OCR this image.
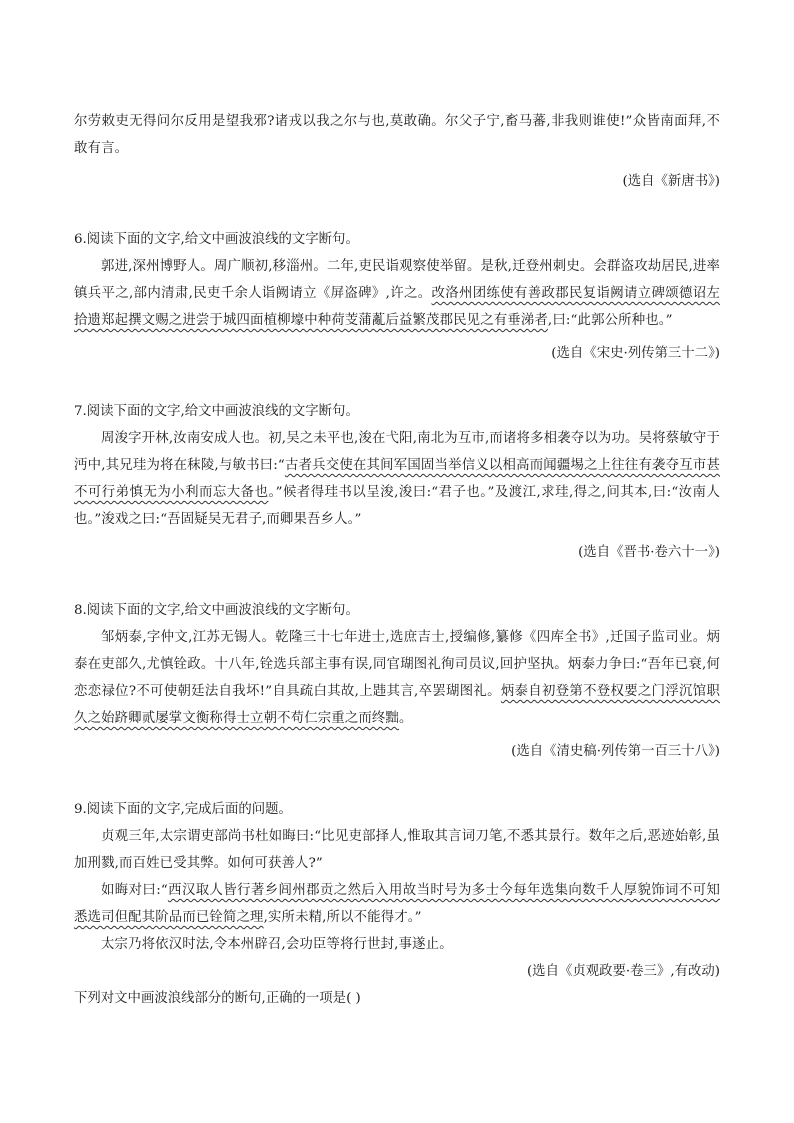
尔劳敕吏无得问尔反用是望我邪?诸戎以我之尔与也,莫敢确。尔父子宁,畜马蕃,非我则谁使!”众皆南面拜,不敢有言。

(选自《新唐书》)

6.阅读下面的文字,给文中画波浪线的文字断句。

郭进,深州博野人。周广顺初,移淄州。二年,吏民诣观察使举留。是秋,迁登州刺史。会群盗攻劫居民,进率镇兵平之,部内清肃,民吏千余人诣阙请立《屏盗碑》,许之。改洛州团练使有善政郡民复诣阙请立碑颂德诏左拾遗郑起撰文赐之进尝于城四面植柳壕中种荷芰蒲薍后益繁茂郡民见之有垂涕者,曰:“此郭公所种也。”

(选自《宋史·列传第三十二》)

7.阅读下面的文字,给文中画波浪线的文字断句。

周浚字开林,汝南安成人也。初,吴之未平也,浚在弋阳,南北为互市,而诸将多相袭夺以为功。吴将蔡敏守于沔中,其兄珪为将在秣陵,与敏书曰:“古者兵交使在其间军国固当举信义以相高而闻疆埸之上往往有袭夺互市甚不可行弟慎无为小利而忘大备也。”候者得珪书以呈浚,浚曰:“君子也。”及渡江,求珪,得之,问其本,曰:“汝南人也。”浚戏之曰:“吾固疑吴无君子,而卿果吾乡人。”

(选自《晋书·卷六十一》)

8.阅读下面的文字,给文中画波浪线的文字断句。

邹炳泰,字仲文,江苏无锡人。乾隆三十七年进士,选庶吉士,授编修,纂修《四库全书》,迁国子监司业。炳泰在吏部久,尤慎铨政。十八年,铨选兵部主事有误,同官瑚图礼徇司员议,回护坚执。炳泰力争曰:“吾年已衰,何恋恋禄位?不可使朝廷法自我坏!”自具疏白其故,上韪其言,卒罢瑚图礼。炳泰自初登第不登权要之门浮沉馆职久之始跻卿贰屡掌文衡称得士立朝不苟仁宗重之而终黜。

(选自《清史稿·列传第一百三十八》)

9.阅读下面的文字,完成后面的问题。

贞观三年,太宗谓吏部尚书杜如晦曰:“比见吏部择人,惟取其言词刀笔,不悉其景行。数年之后,恶迹始彰,虽加刑戮,而百姓已受其弊。如何可获善人?”

如晦对曰:“西汉取人皆行著乡闾州郡贡之然后入用故当时号为多士今每年选集向数千人厚貌饰词不可知悉选司但配其阶品而已铨简之理,实所未精,所以不能得才。”

太宗乃将依汉时法,令本州辟召,会功臣等将行世封,事遂止。

(选自《贞观政要·卷三》,有改动)

下列对文中画波浪线部分的断句,正确的一项是( )
